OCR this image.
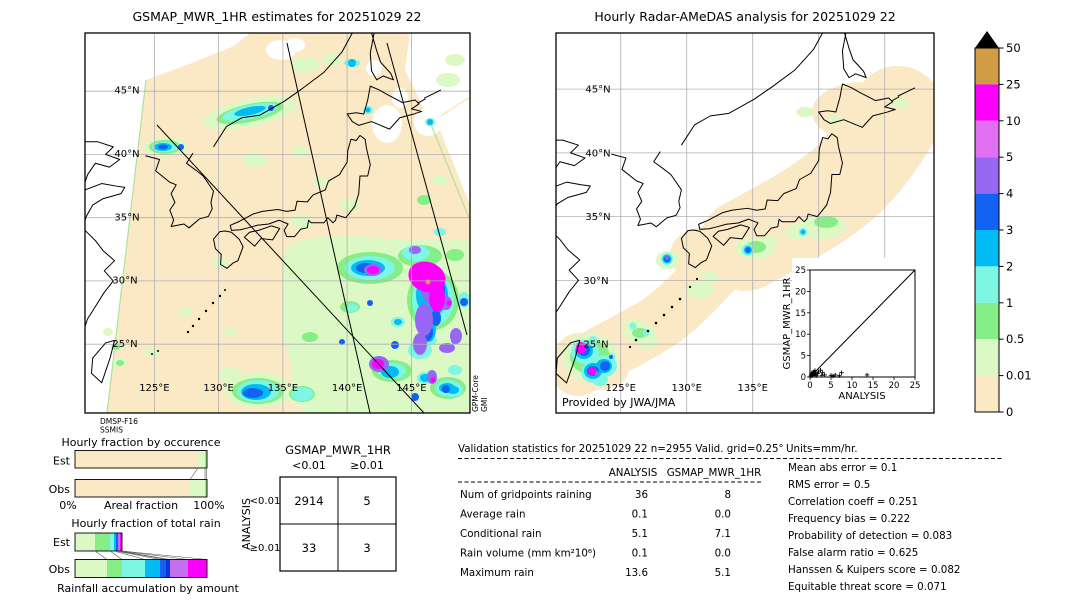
GSMAP_MWR_1HR estimates for 20251029 22
45°N
40°N
35°N
30°N
25°N
125°E	130°E	135°E	140°E	145°E
DMSP-F16
SSMIS
GPM-Core GMI
Hourly Radar-AMeDAS analysis for 20251029 22
0 5 10 15 20 25
0
5
10
15
20
25
ANALYSIS
GSMAP_MWR_1HR
45°N
40°N
35°N
30°N
25°N
125°E	130°E	135°E
Provided by JWA/JMA
50
25
10
5
4
3
2
1
0.5
0.01
0
Hourly fraction by occurence
Est
Obs
0% Areal fraction 100%
Hourly fraction of total rain
Est
Obs
Rainfall accumulation by amount
GSMAP_MWR_1HR
<0.01 ≥0.01
ANALYSIS
<0.01
≥0.01
2914	5
33	3
Validation statistics for 20251029 22 n=2955 Valid. grid=0.25° Units=mm/hr.
ANALYSIS GSMAP_MWR_1HR
Num of gridpoints raining	36	8
Average rain	0.1	0.0
Conditional rain	5.1	7.1
Rain volume (mm km²10⁶)	0.1	0.0
Maximum rain	13.6	5.1
Mean abs error = 0.1
RMS error = 0.5
Correlation coeff = 0.251
Frequency bias = 0.222
Probability of detection = 0.083
False alarm ratio = 0.625
Hanssen & Kuipers score = 0.082
Equitable threat score = 0.071
